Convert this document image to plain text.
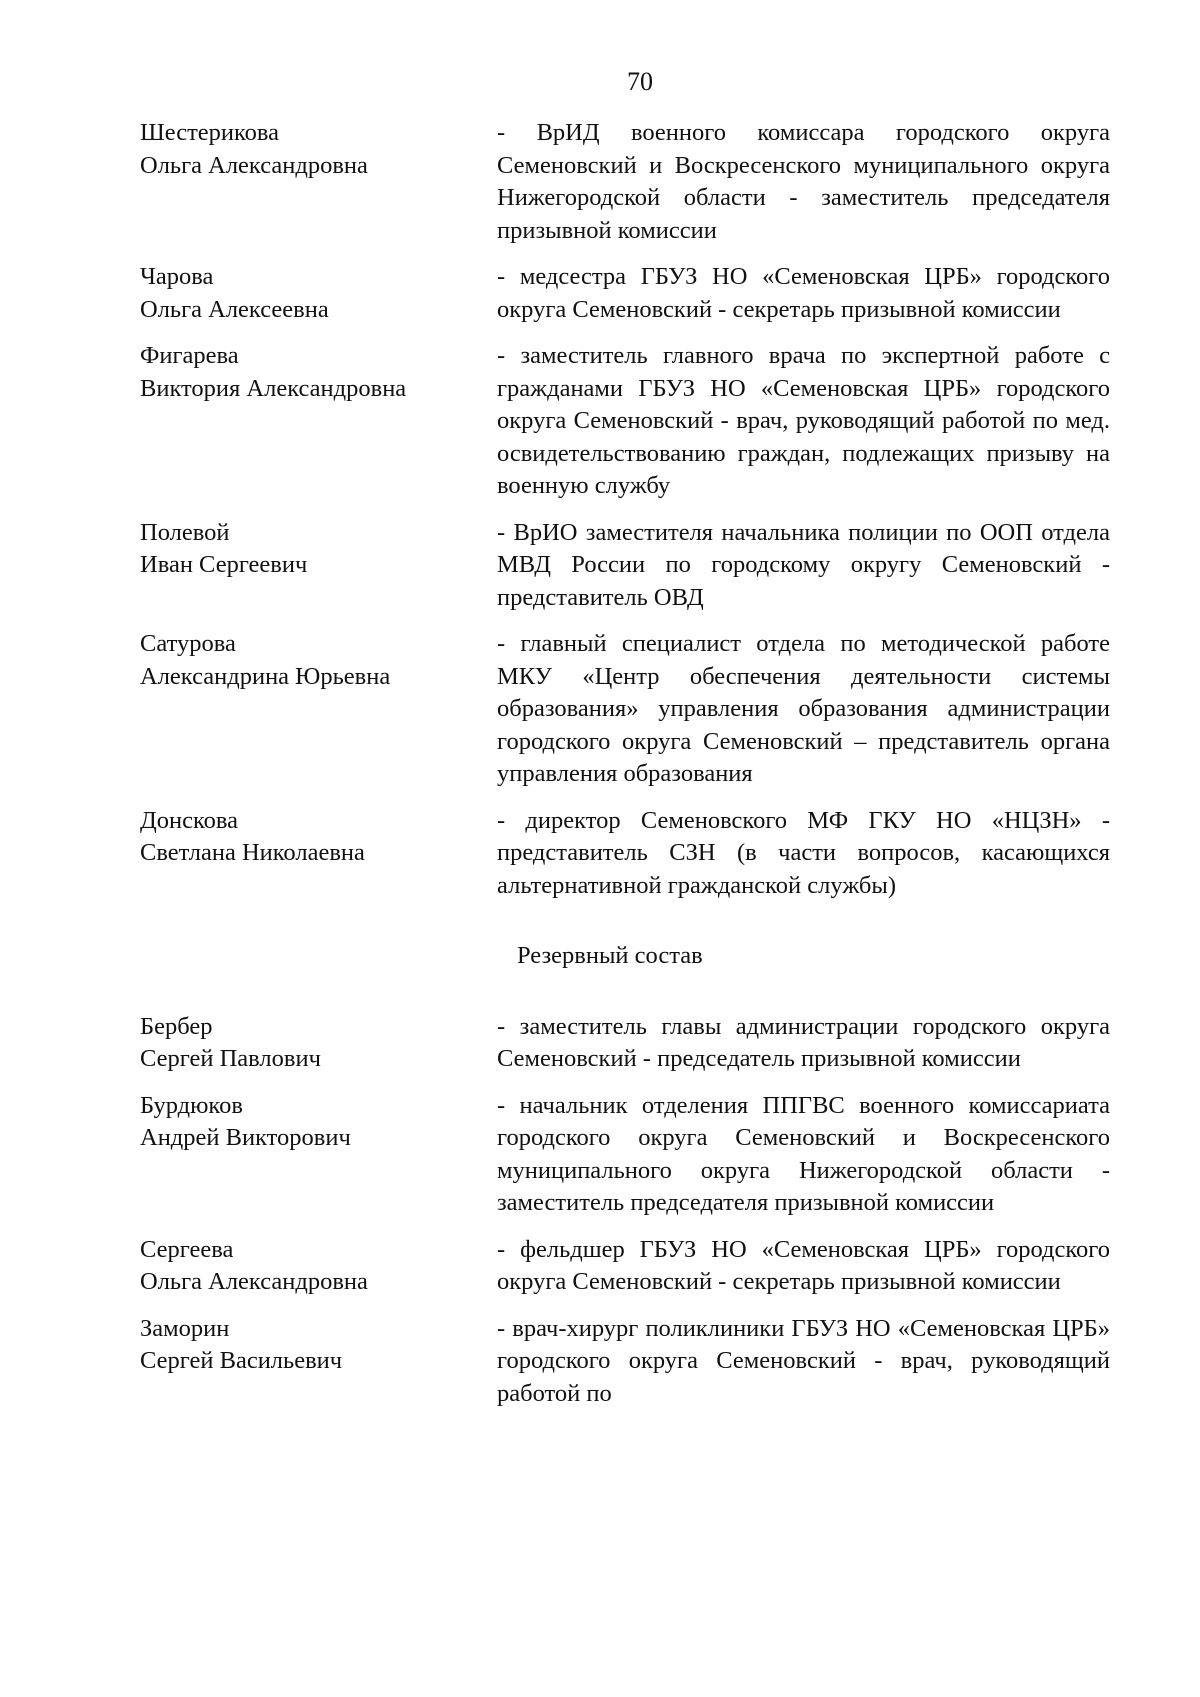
70
Шестерикова
Ольга Александровна
- ВрИД военного комиссара городского округа Семеновский и Воскресенского муниципального округа Нижегородской области - заместитель председателя призывной комиссии
Чарова
Ольга Алексеевна
- медсестра ГБУЗ НО «Семеновская ЦРБ» городского округа Семеновский - секретарь призывной комиссии
Фигарева
Виктория Александровна
- заместитель главного врача по экспертной работе с гражданами ГБУЗ НО «Семеновская ЦРБ» городского округа Семеновский - врач, руководящий работой по мед. освидетельствованию граждан, подлежащих призыву на военную службу
Полевой
Иван Сергеевич
- ВрИО заместителя начальника полиции по ООП отдела МВД России по городскому округу Семеновский - представитель ОВД
Сатурова
Александрина Юрьевна
- главный специалист отдела по методической работе МКУ «Центр обеспечения деятельности системы образования» управления образования администрации городского округа Семеновский – представитель органа управления образования
Донскова
Светлана Николаевна
- директор Семеновского МФ ГКУ НО «НЦЗН» - представитель СЗН (в части вопросов, касающихся альтернативной гражданской службы)
Резервный состав
Бербер
Сергей Павлович
- заместитель главы администрации городского округа Семеновский - председатель призывной комиссии
Бурдюков
Андрей Викторович
- начальник отделения ППГВС военного комиссариата городского округа Семеновский и Воскресенского муниципального округа Нижегородской области - заместитель председателя призывной комиссии
Сергеева
Ольга Александровна
- фельдшер ГБУЗ НО «Семеновская ЦРБ» городского округа Семеновский - секретарь призывной комиссии
Заморин
Сергей Васильевич
- врач-хирург поликлиники ГБУЗ НО «Семеновская ЦРБ» городского округа Семеновский - врач, руководящий работой по
